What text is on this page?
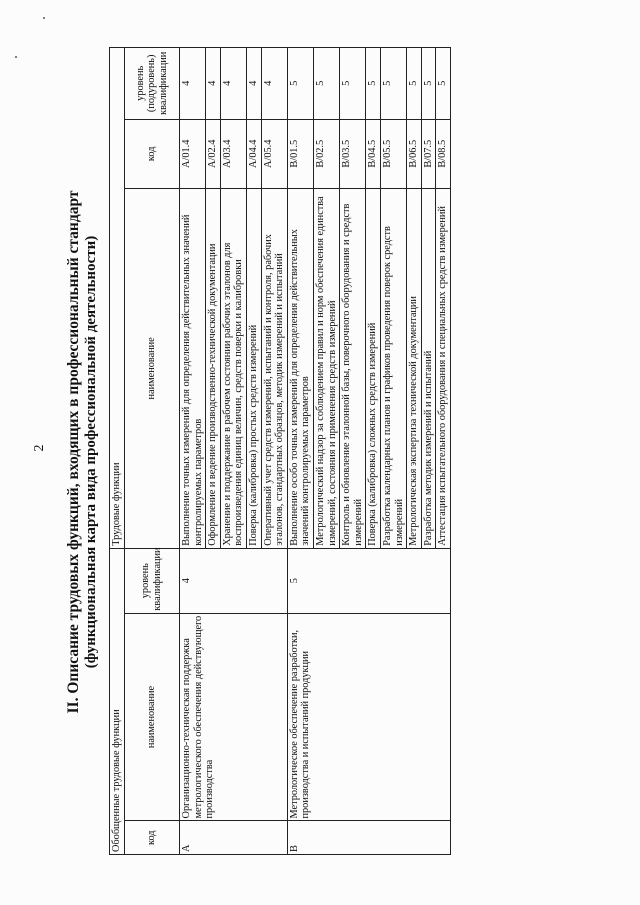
2 II. Описание трудовых функций, входящих в профессиональный стандарт (функциональная карта вида профессиональной деятельности)
Обобщенные трудовые функции			Трудовые функции		
код	наименование	уровень квалификации	наименование	код	уровень (подуровень) квалификации
А	Организационно-техническая поддержка метрологического обеспечения действующего производства	4	Выполнение точных измерений для определения действительных значений контролируемых параметров	A/01.4	4
			Оформление и ведение производственно-технической документации	A/02.4	4
			Хранение и поддержание в рабочем состоянии рабочих эталонов для воспроизведения единиц величин, средств поверки и калибровки	A/03.4	4
			Поверка (калибровка) простых средств измерений	A/04.4	4
			Оперативный учет средств измерений, испытаний и контроля, рабочих эталонов, стандартных образцов, методик измерений и испытаний	A/05.4	4
В	Метрологическое обеспечение разработки, производства и испытаний продукции	5	Выполнение особо точных измерений для определения действительных значений контролируемых параметров	B/01.5	5
			Метрологический надзор за соблюдением правил и норм обеспечения единства измерений, состояния и применения средств измерений	B/02.5	5
			Контроль и обновление эталонной базы, поверочного оборудования и средств измерений	B/03.5	5
			Поверка (калибровка) сложных средств измерений	B/04.5	5
			Разработка календарных планов и графиков проведения поверок средств измерений	B/05.5	5
			Метрологическая экспертиза технической документации	B/06.5	5
			Разработка методик измерений и испытаний	B/07.5	5
			Аттестация испытательного оборудования и специальных средств измерений	B/08.5	5
